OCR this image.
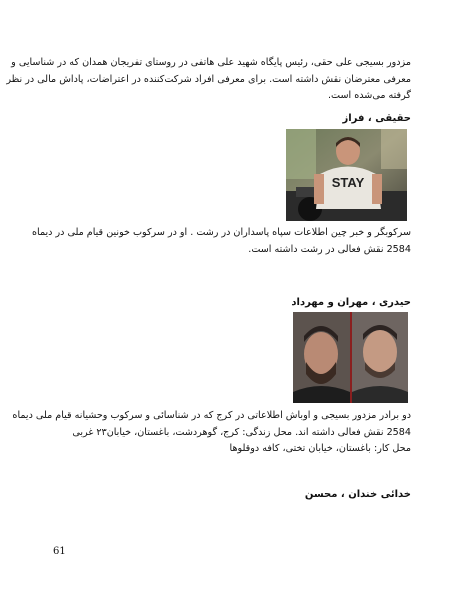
مزدور بسیجی علی حقی، رئیس پایگاه شهید علی هاتفی در روستای تفریجان همدان که در شناسایی و
معرفی معترضان نقش داشته است. برای معرفی افراد شرکت‌کننده در اعتراضات، پاداش مالی در نظر
گرفته می‌شده است.
حقیقی ، فراز
STAY
سرکوبگر و خبر چین اطلاعات سپاه پاسداران در رشت . او در سرکوب خونین قیام ملی در دیماه
2584 نقش فعالی در رشت داشته است.
حیدری ، مهران و مهرداد
دو برادر مزدور بسیجی و اوباش اطلاعاتی در کرج که در شناسائی و سرکوب وحشیانه قیام ملی دیماه
2584 نقش فعالی داشته اند. محل زندگی: کرج، گوهردشت، باغستان، خیابان۲۳ غربی
محل کار: باغستان، خیابان تختی، کافه دوقلوها
خدائی خندان ، محسن
61
